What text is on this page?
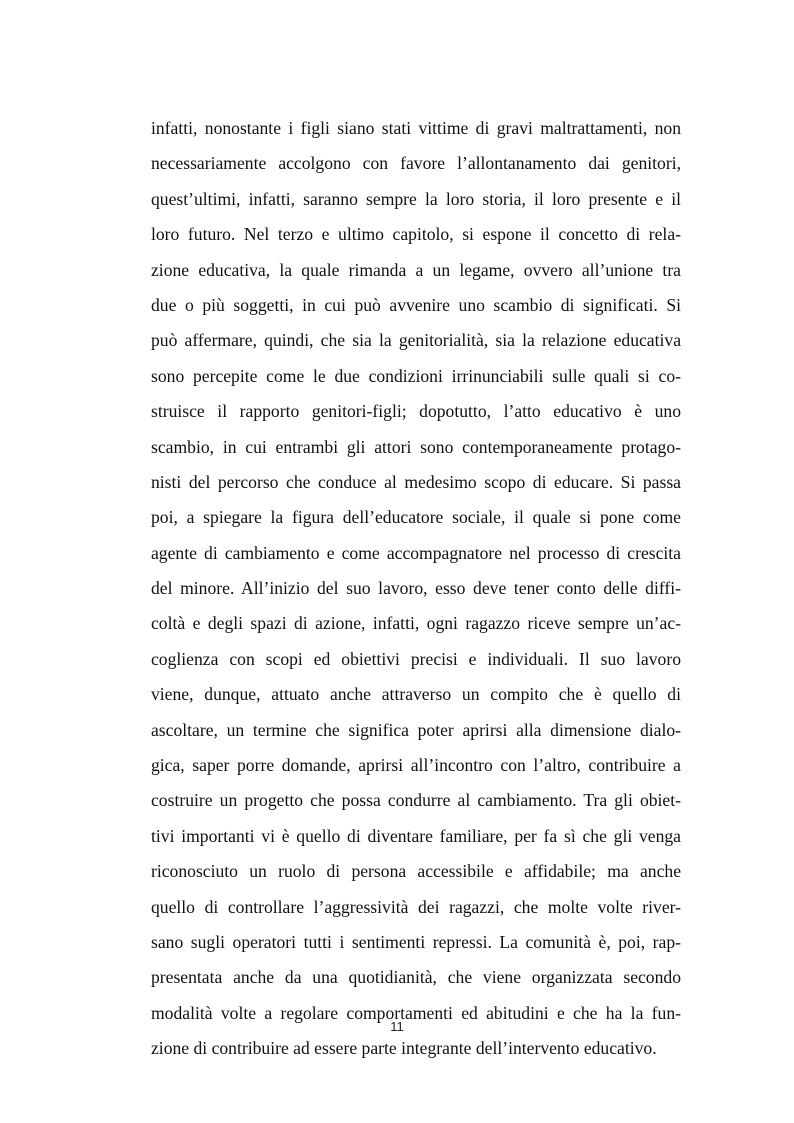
infatti, nonostante i figli siano stati vittime di gravi maltrattamenti, non
necessariamente accolgono con favore l’allontanamento dai genitori,
quest’ultimi, infatti, saranno sempre la loro storia, il loro presente e il
loro futuro. Nel terzo e ultimo capitolo, si espone il concetto di rela-
zione educativa, la quale rimanda a un legame, ovvero all’unione tra
due o più soggetti, in cui può avvenire uno scambio di significati. Si
può affermare, quindi, che sia la genitorialità, sia la relazione educativa
sono percepite come le due condizioni irrinunciabili sulle quali si co-
struisce il rapporto genitori-figli; dopotutto, l’atto educativo è uno
scambio, in cui entrambi gli attori sono contemporaneamente protago-
nisti del percorso che conduce al medesimo scopo di educare. Si passa
poi, a spiegare la figura dell’educatore sociale, il quale si pone come
agente di cambiamento e come accompagnatore nel processo di crescita
del minore. All’inizio del suo lavoro, esso deve tener conto delle diffi-
coltà e degli spazi di azione, infatti, ogni ragazzo riceve sempre un’ac-
coglienza con scopi ed obiettivi precisi e individuali. Il suo lavoro
viene, dunque, attuato anche attraverso un compito che è quello di
ascoltare, un termine che significa poter aprirsi alla dimensione dialo-
gica, saper porre domande, aprirsi all’incontro con l’altro, contribuire a
costruire un progetto che possa condurre al cambiamento. Tra gli obiet-
tivi importanti vi è quello di diventare familiare, per fa sì che gli venga
riconosciuto un ruolo di persona accessibile e affidabile; ma anche
quello di controllare l’aggressività dei ragazzi, che molte volte river-
sano sugli operatori tutti i sentimenti repressi. La comunità è, poi, rap-
presentata anche da una quotidianità, che viene organizzata secondo
modalità volte a regolare comportamenti ed abitudini e che ha la fun-
zione di contribuire ad essere parte integrante dell’intervento educativo.
11
